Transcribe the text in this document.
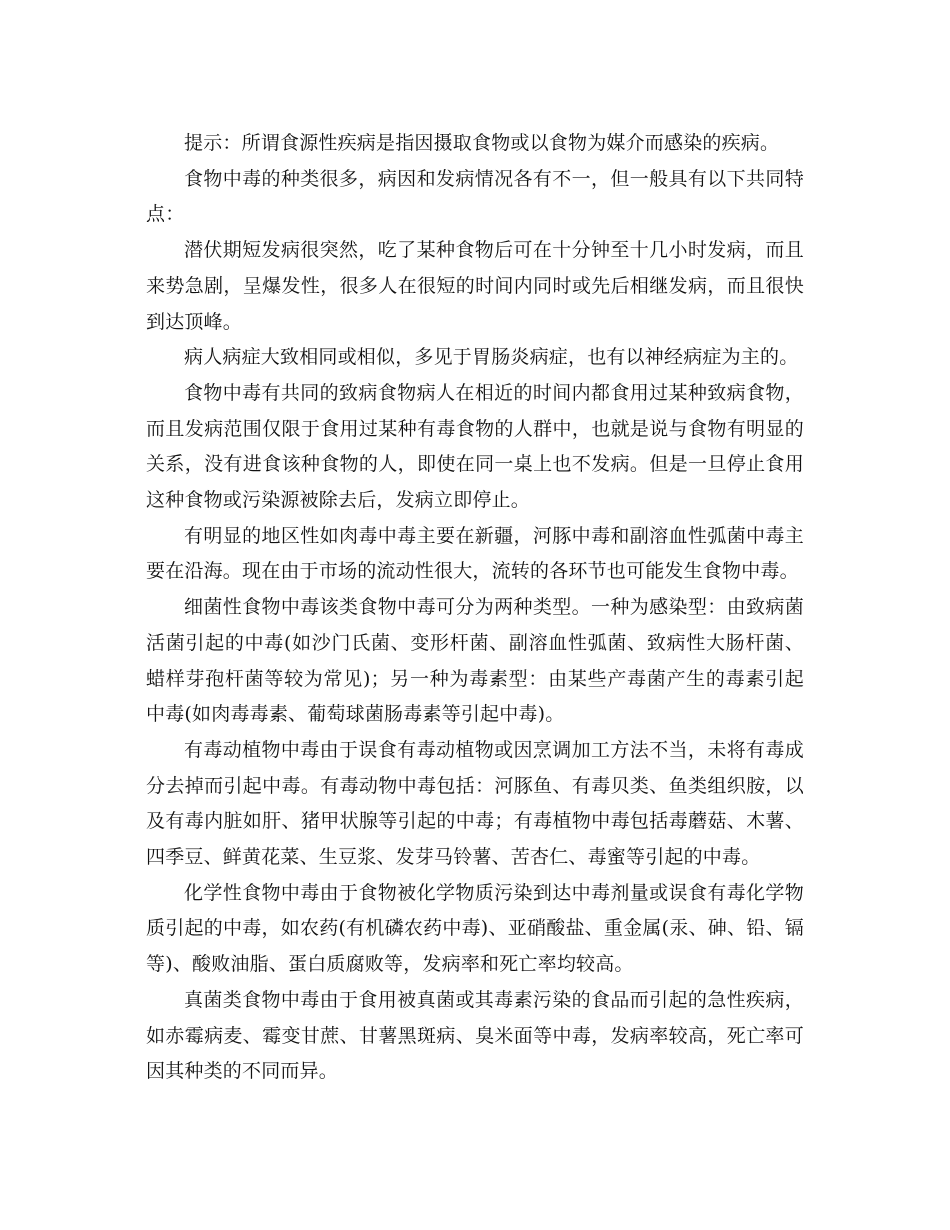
提示：所谓食源性疾病是指因摄取食物或以食物为媒介而感染的疾病。

食物中毒的种类很多，病因和发病情况各有不一，但一般具有以下共同特点：

潜伏期短发病很突然，吃了某种食物后可在十分钟至十几小时发病，而且来势急剧，呈爆发性，很多人在很短的时间内同时或先后相继发病，而且很快到达顶峰。

病人病症大致相同或相似，多见于胃肠炎病症，也有以神经病症为主的。

食物中毒有共同的致病食物病人在相近的时间内都食用过某种致病食物，而且发病范围仅限于食用过某种有毒食物的人群中，也就是说与食物有明显的关系，没有进食该种食物的人，即使在同一桌上也不发病。但是一旦停止食用这种食物或污染源被除去后，发病立即停止。

有明显的地区性如肉毒中毒主要在新疆，河豚中毒和副溶血性弧菌中毒主要在沿海。现在由于市场的流动性很大，流转的各环节也可能发生食物中毒。

细菌性食物中毒该类食物中毒可分为两种类型。一种为感染型：由致病菌活菌引起的中毒(如沙门氏菌、变形杆菌、副溶血性弧菌、致病性大肠杆菌、蜡样芽孢杆菌等较为常见)；另一种为毒素型：由某些产毒菌产生的毒素引起中毒(如肉毒毒素、葡萄球菌肠毒素等引起中毒)。

有毒动植物中毒由于误食有毒动植物或因烹调加工方法不当，未将有毒成分去掉而引起中毒。有毒动物中毒包括：河豚鱼、有毒贝类、鱼类组织胺，以及有毒内脏如肝、猪甲状腺等引起的中毒；有毒植物中毒包括毒蘑菇、木薯、四季豆、鲜黄花菜、生豆浆、发芽马铃薯、苦杏仁、毒蜜等引起的中毒。

化学性食物中毒由于食物被化学物质污染到达中毒剂量或误食有毒化学物质引起的中毒，如农药(有机磷农药中毒)、亚硝酸盐、重金属(汞、砷、铅、镉等)、酸败油脂、蛋白质腐败等，发病率和死亡率均较高。

真菌类食物中毒由于食用被真菌或其毒素污染的食品而引起的急性疾病，如赤霉病麦、霉变甘蔗、甘薯黑斑病、臭米面等中毒，发病率较高，死亡率可因其种类的不同而异。
